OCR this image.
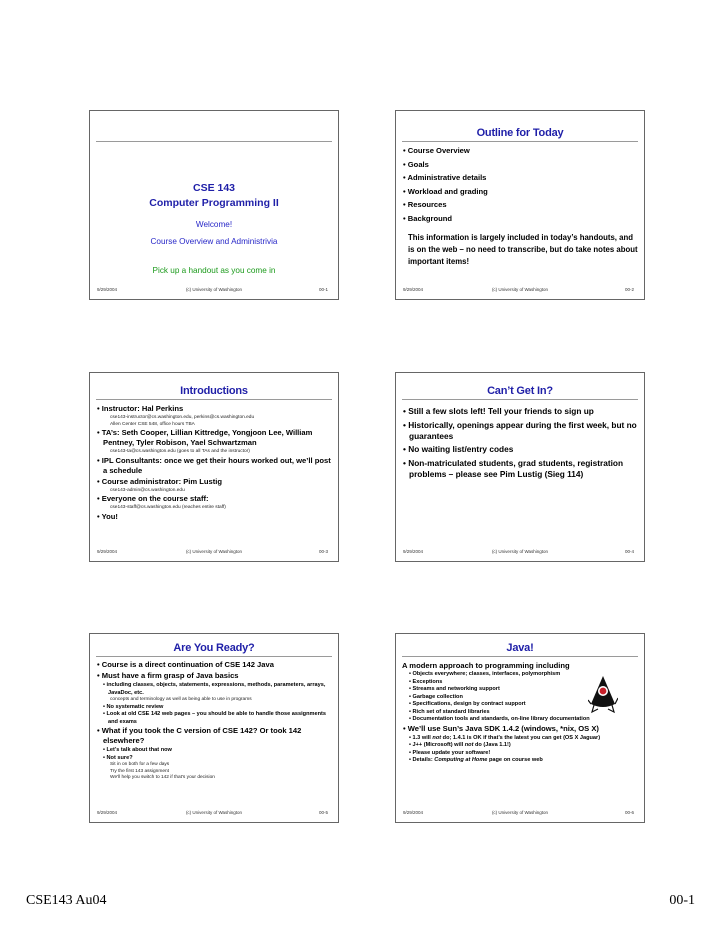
CSE 143
Computer Programming II
Welcome!
Course Overview and Administrivia
Pick up a handout as you come in
9/29/2004	(c) University of Washington	00-1
Outline for Today
• Course Overview
• Goals
• Administrative details
• Workload and grading
• Resources
• Background
This information is largely included in today’s handouts, and is on the web – no need to transcribe, but do take notes about important items!
9/29/2004	(c) University of Washington	00-2
Introductions
• Instructor: Hal Perkins
cse143-instructor@cs.washington.edu, perkins@cs.washington.edu
Allen Center CSE 548, office hours TBA
• TA’s: Seth Cooper, Lillian Kittredge, Yongjoon Lee, William Pentney, Tyler Robison, Yael Schwartzman
cse143-ta@cs.washington.edu (goes to all TAs and the instructor)
• IPL Consultants: once we get their hours worked out, we’ll post a schedule
• Course administrator: Pim Lustig
cse143-admin@cs.washington.edu
• Everyone on the course staff:
cse143-staff@cs.washington.edu (reaches entire staff)
• You!
9/29/2004	(c) University of Washington	00-3
Can’t Get In?
• Still a few slots left! Tell your friends to sign up
• Historically, openings appear during the first week, but no guarantees
• No waiting list/entry codes
• Non-matriculated students, grad students, registration problems – please see Pim Lustig (Sieg 114)
9/29/2004	(c) University of Washington	00-4
Are You Ready?
• Course is a direct continuation of CSE 142 Java
• Must have a firm grasp of Java basics
• including classes, objects, statements, expressions, methods, parameters, arrays, JavaDoc, etc.
concepts and terminology as well as being able to use in programs
• No systematic review
• Look at old CSE 142 web pages – you should be able to handle those assignments and exams
• What if you took the C version of CSE 142? Or took 142 elsewhere?
• Let’s talk about that now
• Not sure?
Sit in on both for a few days
Try the first 143 assignment
We'll help you switch to 142 if that's your decision
9/29/2004	(c) University of Washington	00-5
Java!
A modern approach to programming including
• Objects everywhere; classes, interfaces, polymorphism
• Exceptions
• Streams and networking support
• Garbage collection
• Specifications, design by contract support
• Rich set of standard libraries
• Documentation tools and standards, on-line library documentation
• We’ll use Sun’s Java SDK 1.4.2 (windows, *nix, OS X)
• 1.3 will not do; 1.4.1 is OK if that’s the latest you can get (OS X Jaguar)
• J++ (Microsoft) will not do (Java 1.1!)
• Please update your software!
• Details: Computing at Home page on course web
9/29/2004	(c) University of Washington	00-6
CSE143 Au04	00-1
